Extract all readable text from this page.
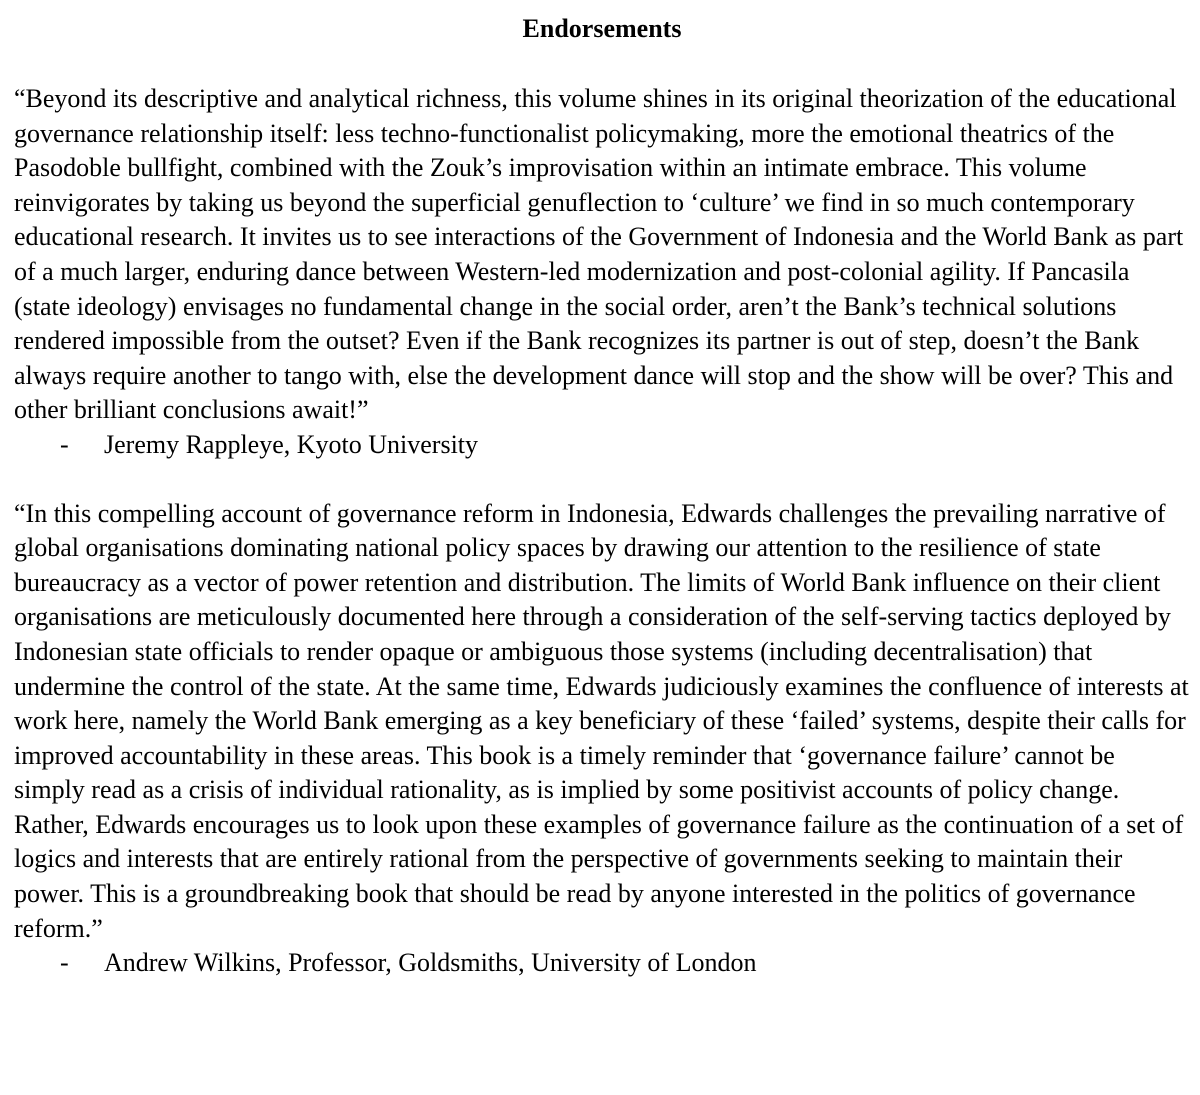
Endorsements

“Beyond its descriptive and analytical richness, this volume shines in its original theorization of the educational governance relationship itself: less techno-functionalist policymaking, more the emotional theatrics of the Pasodoble bullfight, combined with the Zouk’s improvisation within an intimate embrace. This volume reinvigorates by taking us beyond the superficial genuflection to ‘culture’ we find in so much contemporary educational research. It invites us to see interactions of the Government of Indonesia and the World Bank as part of a much larger, enduring dance between Western-led modernization and post-colonial agility. If Pancasila (state ideology) envisages no fundamental change in the social order, aren’t the Bank’s technical solutions rendered impossible from the outset? Even if the Bank recognizes its partner is out of step, doesn’t the Bank always require another to tango with, else the development dance will stop and the show will be over? This and other brilliant conclusions await!”

-	Jeremy Rappleye, Kyoto University

“In this compelling account of governance reform in Indonesia, Edwards challenges the prevailing narrative of global organisations dominating national policy spaces by drawing our attention to the resilience of state bureaucracy as a vector of power retention and distribution. The limits of World Bank influence on their client organisations are meticulously documented here through a consideration of the self-serving tactics deployed by Indonesian state officials to render opaque or ambiguous those systems (including decentralisation) that undermine the control of the state. At the same time, Edwards judiciously examines the confluence of interests at work here, namely the World Bank emerging as a key beneficiary of these ‘failed’ systems, despite their calls for improved accountability in these areas. This book is a timely reminder that ‘governance failure’ cannot be simply read as a crisis of individual rationality, as is implied by some positivist accounts of policy change. Rather, Edwards encourages us to look upon these examples of governance failure as the continuation of a set of logics and interests that are entirely rational from the perspective of governments seeking to maintain their power. This is a groundbreaking book that should be read by anyone interested in the politics of governance reform.”

-	Andrew Wilkins, Professor, Goldsmiths, University of London
